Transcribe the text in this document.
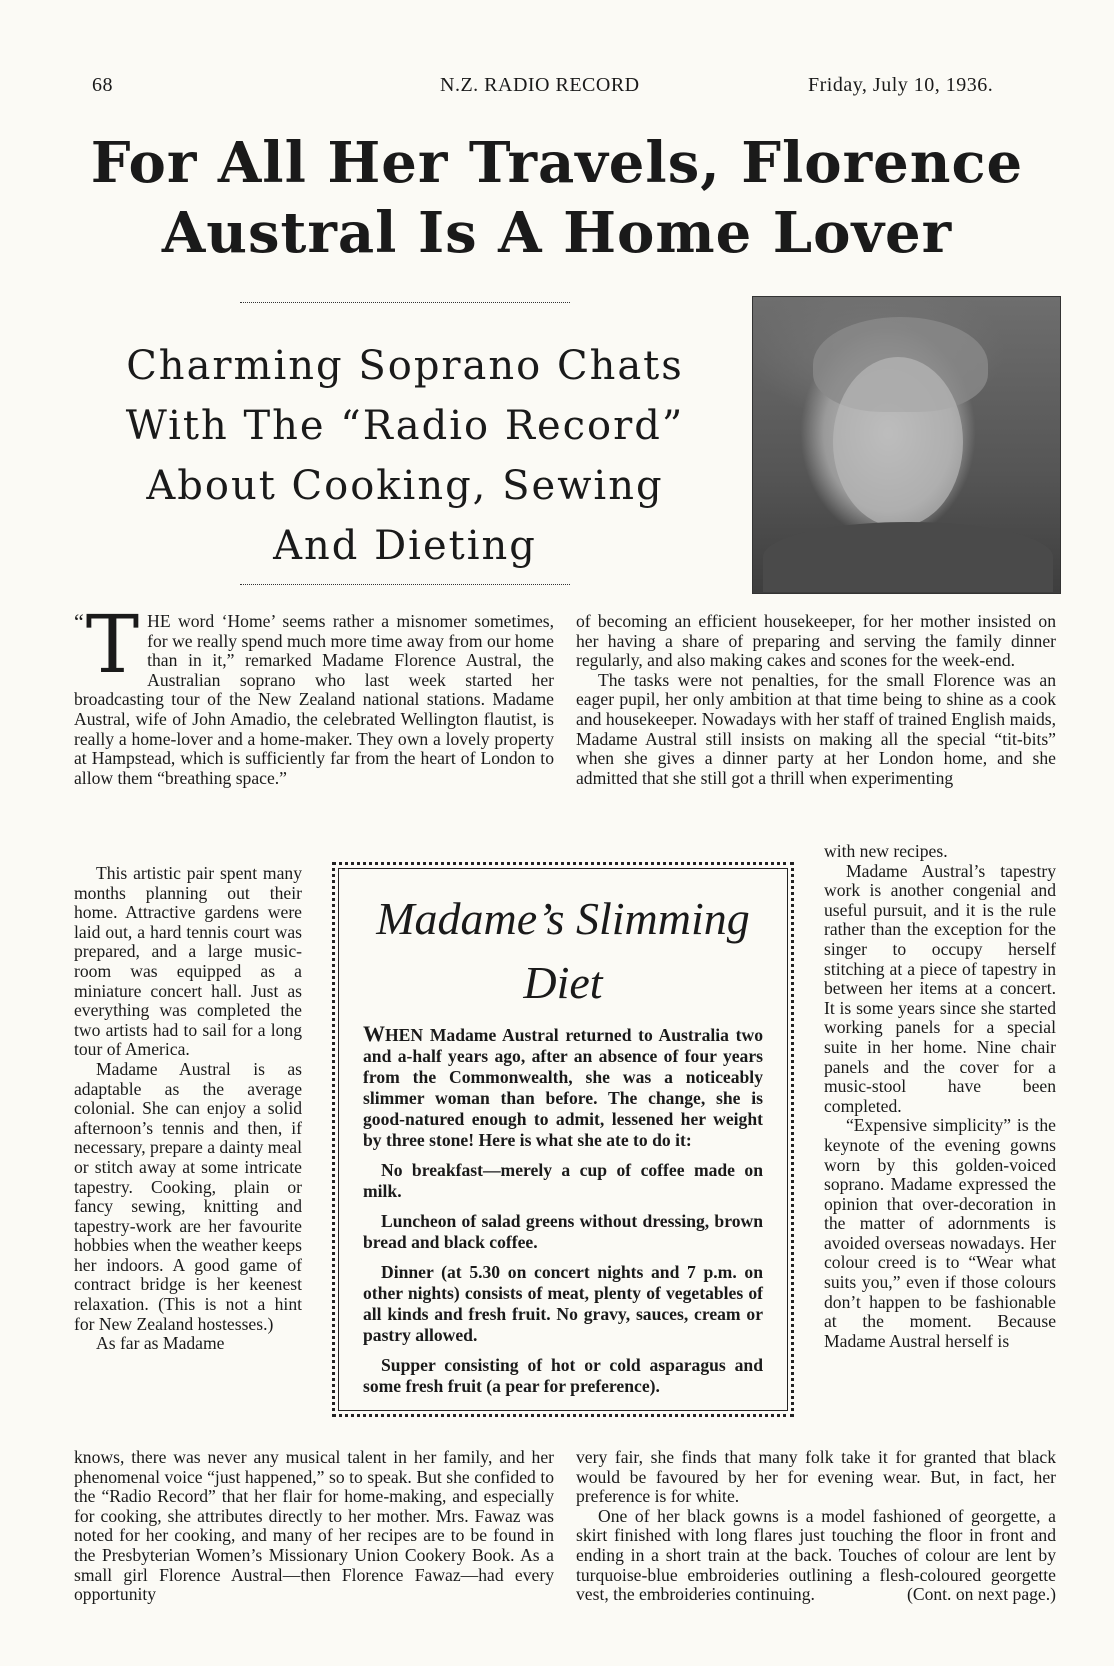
68	N.Z. RADIO RECORD	Friday, July 10, 1936.
For All Her Travels, Florence
Austral Is A Home Lover
Charming Soprano Chats
With The “Radio Record”
About Cooking, Sewing
And Dieting

“ T HE word ‘Home’ seems rather a misnomer sometimes, for we really spend much more time away from our home than in it,” remarked Madame Florence Austral, the Australian soprano who last week started her broadcasting tour of the New Zealand national stations. Madame Austral, wife of John Amadio, the celebrated Wellington flautist, is really a home-lover and a home-maker. They own a lovely property at Hampstead, which is sufficiently far from the heart of London to allow them “breathing space.”

This artistic pair spent many months planning out their home. Attractive gardens were laid out, a hard tennis court was prepared, and a large music-room was equipped as a miniature concert hall. Just as everything was completed the two artists had to sail for a long tour of America.

Madame Austral is as adaptable as the average colonial. She can enjoy a solid afternoon’s tennis and then, if necessary, prepare a dainty meal or stitch away at some intricate tapestry. Cooking, plain or fancy sewing, knitting and tapestry-work are her favourite hobbies when the weather keeps her indoors. A good game of contract bridge is her keenest relaxation. (This is not a hint for New Zealand hostesses.)

As far as Madame

knows, there was never any musical talent in her family, and her phenomenal voice “just happened,” so to speak. But she confided to the “Radio Record” that her flair for home-making, and especially for cooking, she attributes directly to her mother. Mrs. Fawaz was noted for her cooking, and many of her recipes are to be found in the Presbyterian Women’s Missionary Union Cookery Book. As a small girl Florence Austral—then Florence Fawaz—had every opportunity

of becoming an efficient housekeeper, for her mother insisted on her having a share of preparing and serving the family dinner regularly, and also making cakes and scones for the week-end.

The tasks were not penalties, for the small Florence was an eager pupil, her only ambition at that time being to shine as a cook and housekeeper. Nowadays with her staff of trained English maids, Madame Austral still insists on making all the special “tit-bits” when she gives a dinner party at her London home, and she admitted that she still got a thrill when experimenting

with new recipes.

Madame Austral’s tapestry work is another congenial and useful pursuit, and it is the rule rather than the exception for the singer to occupy herself stitching at a piece of tapestry in between her items at a concert. It is some years since she started working panels for a special suite in her home. Nine chair panels and the cover for a music-stool have been completed.

“Expensive simplicity” is the keynote of the evening gowns worn by this golden-voiced soprano. Madame expressed the opinion that over-decoration in the matter of adornments is avoided overseas nowadays. Her colour creed is to “Wear what suits you,” even if those colours don’t happen to be fashionable at the moment. Because Madame Austral herself is

very fair, she finds that many folk take it for granted that black would be favoured by her for evening wear. But, in fact, her preference is for white.

One of her black gowns is a model fashioned of georgette, a skirt finished with long flares just touching the floor in front and ending in a short train at the back. Touches of colour are lent by turquoise-blue embroideries outlining a flesh-coloured georgette vest, the embroideries continuing.	(Cont. on next page.)

Madame’s Slimming
Diet

WHEN Madame Austral returned to Australia two and a-half years ago, after an absence of four years from the Commonwealth, she was a noticeably slimmer woman than before. The change, she is good-natured enough to admit, lessened her weight by three stone! Here is what she ate to do it:

No breakfast—merely a cup of coffee made on milk.

Luncheon of salad greens without dressing, brown bread and black coffee.

Dinner (at 5.30 on concert nights and 7 p.m. on other nights) consists of meat, plenty of vegetables of all kinds and fresh fruit. No gravy, sauces, cream or pastry allowed.

Supper consisting of hot or cold asparagus and some fresh fruit (a pear for preference).
